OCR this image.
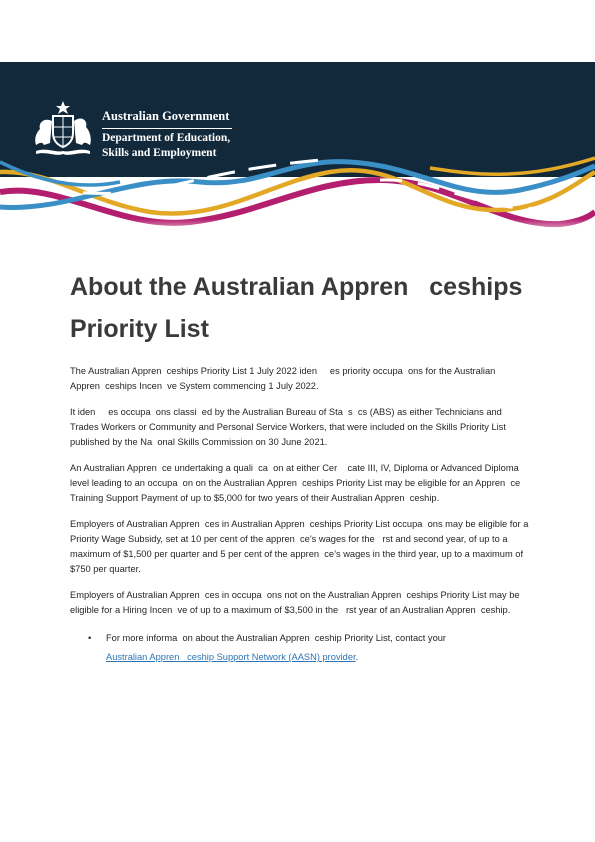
Australian Government
Department of Education,
Skills and Employment
About the Australian Appren   ceships Priority List

The Australian Appren  ceships Priority List 1 July 2022 iden     es priority occupa  ons for the Australian Appren  ceships Incen  ve System commencing 1 July 2022.

It iden     es occupa  ons classi  ed by the Australian Bureau of Sta  s  cs (ABS) as either Technicians and Trades Workers or Community and Personal Service Workers, that were included on the Skills Priority List published by the Na  onal Skills Commission on 30 June 2021.

An Australian Appren  ce undertaking a quali  ca  on at either Cer    cate III, IV, Diploma or Advanced Diploma level leading to an occupa  on on the Australian Appren  ceships Priority List may be eligible for an Appren  ce Training Support Payment of up to $5,000 for two years of their Australian Appren  ceship.

Employers of Australian Appren  ces in Australian Appren  ceships Priority List occupa  ons may be eligible for a Priority Wage Subsidy, set at 10 per cent of the appren  ce’s wages for the   rst and second year, of up to a maximum of $1,500 per quarter and 5 per cent of the appren  ce’s wages in the third year, up to a maximum of $750 per quarter.

Employers of Australian Appren  ces in occupa  ons not on the Australian Appren  ceships Priority List may be eligible for a Hiring Incen  ve of up to a maximum of $3,500 in the   rst year of an Australian Appren  ceship.

• For more informa  on about the Australian Appren  ceship Priority List, contact your
Australian Appren   ceship Support Network (AASN) provider.
